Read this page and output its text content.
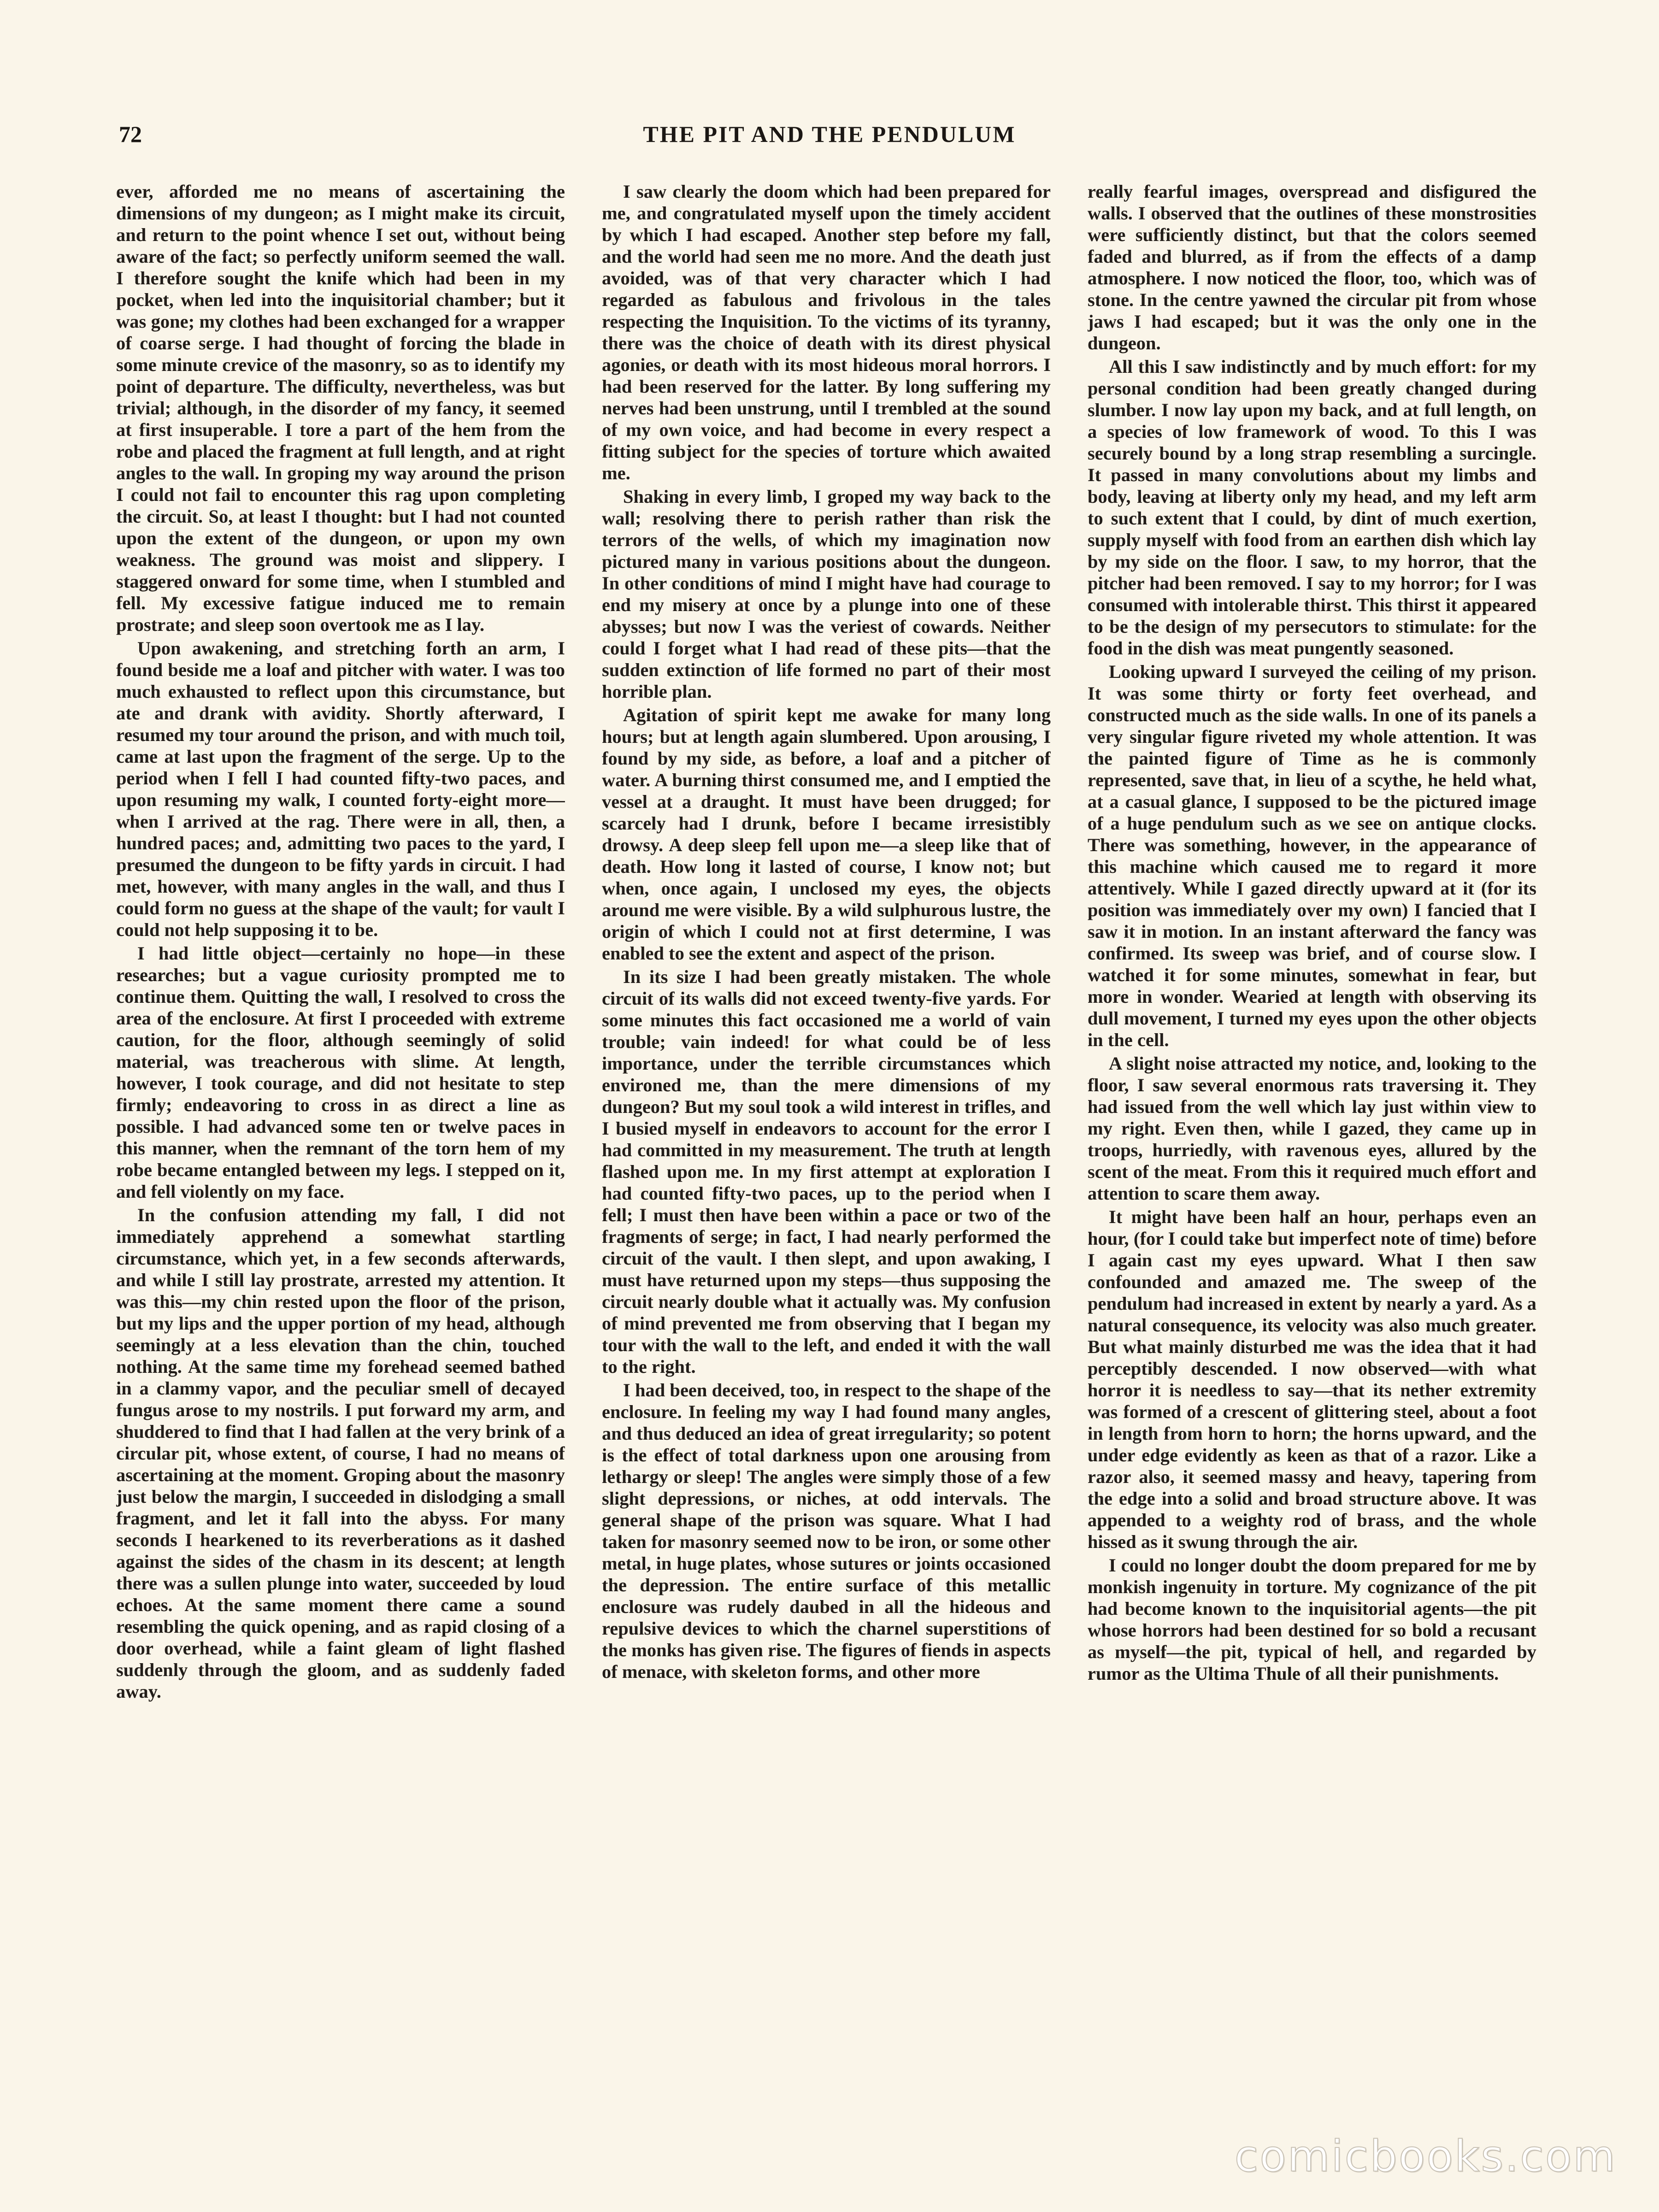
72	THE PIT AND THE PENDULUM

ever, afforded me no means of ascertaining the dimensions of my dungeon; as I might make its circuit, and return to the point whence I set out, without being aware of the fact; so perfectly uniform seemed the wall. I therefore sought the knife which had been in my pocket, when led into the inquisitorial chamber; but it was gone; my clothes had been exchanged for a wrapper of coarse serge. I had thought of forcing the blade in some minute crevice of the masonry, so as to identify my point of departure. The difficulty, nevertheless, was but trivial; although, in the disorder of my fancy, it seemed at first insuperable. I tore a part of the hem from the robe and placed the fragment at full length, and at right angles to the wall. In groping my way around the prison I could not fail to encounter this rag upon completing the circuit. So, at least I thought: but I had not counted upon the extent of the dungeon, or upon my own weakness. The ground was moist and slippery. I staggered onward for some time, when I stumbled and fell. My excessive fatigue induced me to remain prostrate; and sleep soon overtook me as I lay.

Upon awakening, and stretching forth an arm, I found beside me a loaf and pitcher with water. I was too much exhausted to reflect upon this circumstance, but ate and drank with avidity. Shortly afterward, I resumed my tour around the prison, and with much toil, came at last upon the fragment of the serge. Up to the period when I fell I had counted fifty-two paces, and upon resuming my walk, I counted forty-eight more—when I arrived at the rag. There were in all, then, a hundred paces; and, admitting two paces to the yard, I presumed the dungeon to be fifty yards in circuit. I had met, however, with many angles in the wall, and thus I could form no guess at the shape of the vault; for vault I could not help supposing it to be.

I had little object—certainly no hope—in these researches; but a vague curiosity prompted me to continue them. Quitting the wall, I resolved to cross the area of the enclosure. At first I proceeded with extreme caution, for the floor, although seemingly of solid material, was treacherous with slime. At length, however, I took courage, and did not hesitate to step firmly; endeavoring to cross in as direct a line as possible. I had advanced some ten or twelve paces in this manner, when the remnant of the torn hem of my robe became entangled between my legs. I stepped on it, and fell violently on my face.

In the confusion attending my fall, I did not immediately apprehend a somewhat startling circumstance, which yet, in a few seconds afterwards, and while I still lay prostrate, arrested my attention. It was this—my chin rested upon the floor of the prison, but my lips and the upper portion of my head, although seemingly at a less elevation than the chin, touched nothing. At the same time my forehead seemed bathed in a clammy vapor, and the peculiar smell of decayed fungus arose to my nostrils. I put forward my arm, and shuddered to find that I had fallen at the very brink of a circular pit, whose extent, of course, I had no means of ascertaining at the moment. Groping about the masonry just below the margin, I succeeded in dislodging a small fragment, and let it fall into the abyss. For many seconds I hearkened to its reverberations as it dashed against the sides of the chasm in its descent; at length there was a sullen plunge into water, succeeded by loud echoes. At the same moment there came a sound resembling the quick opening, and as rapid closing of a door overhead, while a faint gleam of light flashed suddenly through the gloom, and as suddenly faded away.

I saw clearly the doom which had been prepared for me, and congratulated myself upon the timely accident by which I had escaped. Another step before my fall, and the world had seen me no more. And the death just avoided, was of that very character which I had regarded as fabulous and frivolous in the tales respecting the Inquisition. To the victims of its tyranny, there was the choice of death with its direst physical agonies, or death with its most hideous moral horrors. I had been reserved for the latter. By long suffering my nerves had been unstrung, until I trembled at the sound of my own voice, and had become in every respect a fitting subject for the species of torture which awaited me.

Shaking in every limb, I groped my way back to the wall; resolving there to perish rather than risk the terrors of the wells, of which my imagination now pictured many in various positions about the dungeon. In other conditions of mind I might have had courage to end my misery at once by a plunge into one of these abysses; but now I was the veriest of cowards. Neither could I forget what I had read of these pits—that the sudden extinction of life formed no part of their most horrible plan.

Agitation of spirit kept me awake for many long hours; but at length again slumbered. Upon arousing, I found by my side, as before, a loaf and a pitcher of water. A burning thirst consumed me, and I emptied the vessel at a draught. It must have been drugged; for scarcely had I drunk, before I became irresistibly drowsy. A deep sleep fell upon me—a sleep like that of death. How long it lasted of course, I know not; but when, once again, I unclosed my eyes, the objects around me were visible. By a wild sulphurous lustre, the origin of which I could not at first determine, I was enabled to see the extent and aspect of the prison.

In its size I had been greatly mistaken. The whole circuit of its walls did not exceed twenty-five yards. For some minutes this fact occasioned me a world of vain trouble; vain indeed! for what could be of less importance, under the terrible circumstances which environed me, than the mere dimensions of my dungeon? But my soul took a wild interest in trifles, and I busied myself in endeavors to account for the error I had committed in my measurement. The truth at length flashed upon me. In my first attempt at exploration I had counted fifty-two paces, up to the period when I fell; I must then have been within a pace or two of the fragments of serge; in fact, I had nearly performed the circuit of the vault. I then slept, and upon awaking, I must have returned upon my steps—thus supposing the circuit nearly double what it actually was. My confusion of mind prevented me from observing that I began my tour with the wall to the left, and ended it with the wall to the right.

I had been deceived, too, in respect to the shape of the enclosure. In feeling my way I had found many angles, and thus deduced an idea of great irregularity; so potent is the effect of total darkness upon one arousing from lethargy or sleep! The angles were simply those of a few slight depressions, or niches, at odd intervals. The general shape of the prison was square. What I had taken for masonry seemed now to be iron, or some other metal, in huge plates, whose sutures or joints occasioned the depression. The entire surface of this metallic enclosure was rudely daubed in all the hideous and repulsive devices to which the charnel superstitions of the monks has given rise. The figures of fiends in aspects of menace, with skeleton forms, and other more

really fearful images, overspread and disfigured the walls. I observed that the outlines of these monstrosities were sufficiently distinct, but that the colors seemed faded and blurred, as if from the effects of a damp atmosphere. I now noticed the floor, too, which was of stone. In the centre yawned the circular pit from whose jaws I had escaped; but it was the only one in the dungeon.

All this I saw indistinctly and by much effort: for my personal condition had been greatly changed during slumber. I now lay upon my back, and at full length, on a species of low framework of wood. To this I was securely bound by a long strap resembling a surcingle. It passed in many convolutions about my limbs and body, leaving at liberty only my head, and my left arm to such extent that I could, by dint of much exertion, supply myself with food from an earthen dish which lay by my side on the floor. I saw, to my horror, that the pitcher had been removed. I say to my horror; for I was consumed with intolerable thirst. This thirst it appeared to be the design of my persecutors to stimulate: for the food in the dish was meat pungently seasoned.

Looking upward I surveyed the ceiling of my prison. It was some thirty or forty feet overhead, and constructed much as the side walls. In one of its panels a very singular figure riveted my whole attention. It was the painted figure of Time as he is commonly represented, save that, in lieu of a scythe, he held what, at a casual glance, I supposed to be the pictured image of a huge pendulum such as we see on antique clocks. There was something, however, in the appearance of this machine which caused me to regard it more attentively. While I gazed directly upward at it (for its position was immediately over my own) I fancied that I saw it in motion. In an instant afterward the fancy was confirmed. Its sweep was brief, and of course slow. I watched it for some minutes, somewhat in fear, but more in wonder. Wearied at length with observing its dull movement, I turned my eyes upon the other objects in the cell.

A slight noise attracted my notice, and, looking to the floor, I saw several enormous rats traversing it. They had issued from the well which lay just within view to my right. Even then, while I gazed, they came up in troops, hurriedly, with ravenous eyes, allured by the scent of the meat. From this it required much effort and attention to scare them away.

It might have been half an hour, perhaps even an hour, (for I could take but imperfect note of time) before I again cast my eyes upward. What I then saw confounded and amazed me. The sweep of the pendulum had increased in extent by nearly a yard. As a natural consequence, its velocity was also much greater. But what mainly disturbed me was the idea that it had perceptibly descended. I now observed—with what horror it is needless to say—that its nether extremity was formed of a crescent of glittering steel, about a foot in length from horn to horn; the horns upward, and the under edge evidently as keen as that of a razor. Like a razor also, it seemed massy and heavy, tapering from the edge into a solid and broad structure above. It was appended to a weighty rod of brass, and the whole hissed as it swung through the air.

I could no longer doubt the doom prepared for me by monkish ingenuity in torture. My cognizance of the pit had become known to the inquisitorial agents—the pit whose horrors had been destined for so bold a recusant as myself—the pit, typical of hell, and regarded by rumor as the Ultima Thule of all their punishments.

comicbooks.com
